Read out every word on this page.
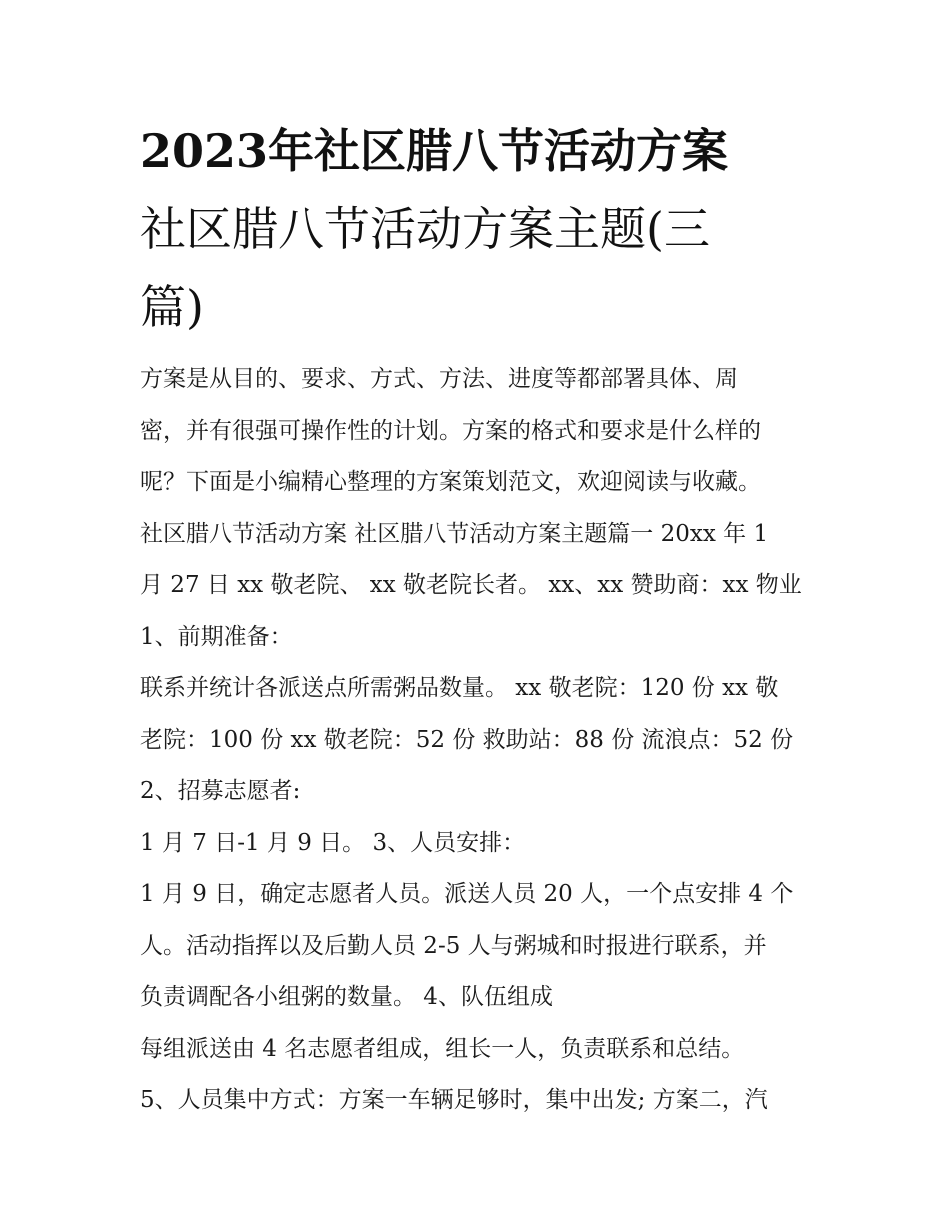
2023年社区腊八节活动方案
社区腊八节活动方案主题(三
篇)
方案是从目的、要求、方式、方法、进度等都部署具体、周
密，并有很强可操作性的计划。方案的格式和要求是什么样的
呢？下面是小编精心整理的方案策划范文，欢迎阅读与收藏。
社区腊八节活动方案 社区腊八节活动方案主题篇一 20xx 年 1
月 27 日 xx 敬老院、 xx 敬老院长者。 xx、xx 赞助商：xx 物业
1、前期准备：
联系并统计各派送点所需粥品数量。 xx 敬老院：120 份 xx 敬
老院：100 份 xx 敬老院：52 份 救助站：88 份 流浪点：52 份
2、招募志愿者:
1 月 7 日-1 月 9 日。 3、人员安排：
1 月 9 日，确定志愿者人员。派送人员 20 人，一个点安排 4 个
人。活动指挥以及后勤人员 2-5 人与粥城和时报进行联系，并
负责调配各小组粥的数量。 4、队伍组成
每组派送由 4 名志愿者组成，组长一人，负责联系和总结。
5、人员集中方式：方案一车辆足够时，集中出发; 方案二，汽
